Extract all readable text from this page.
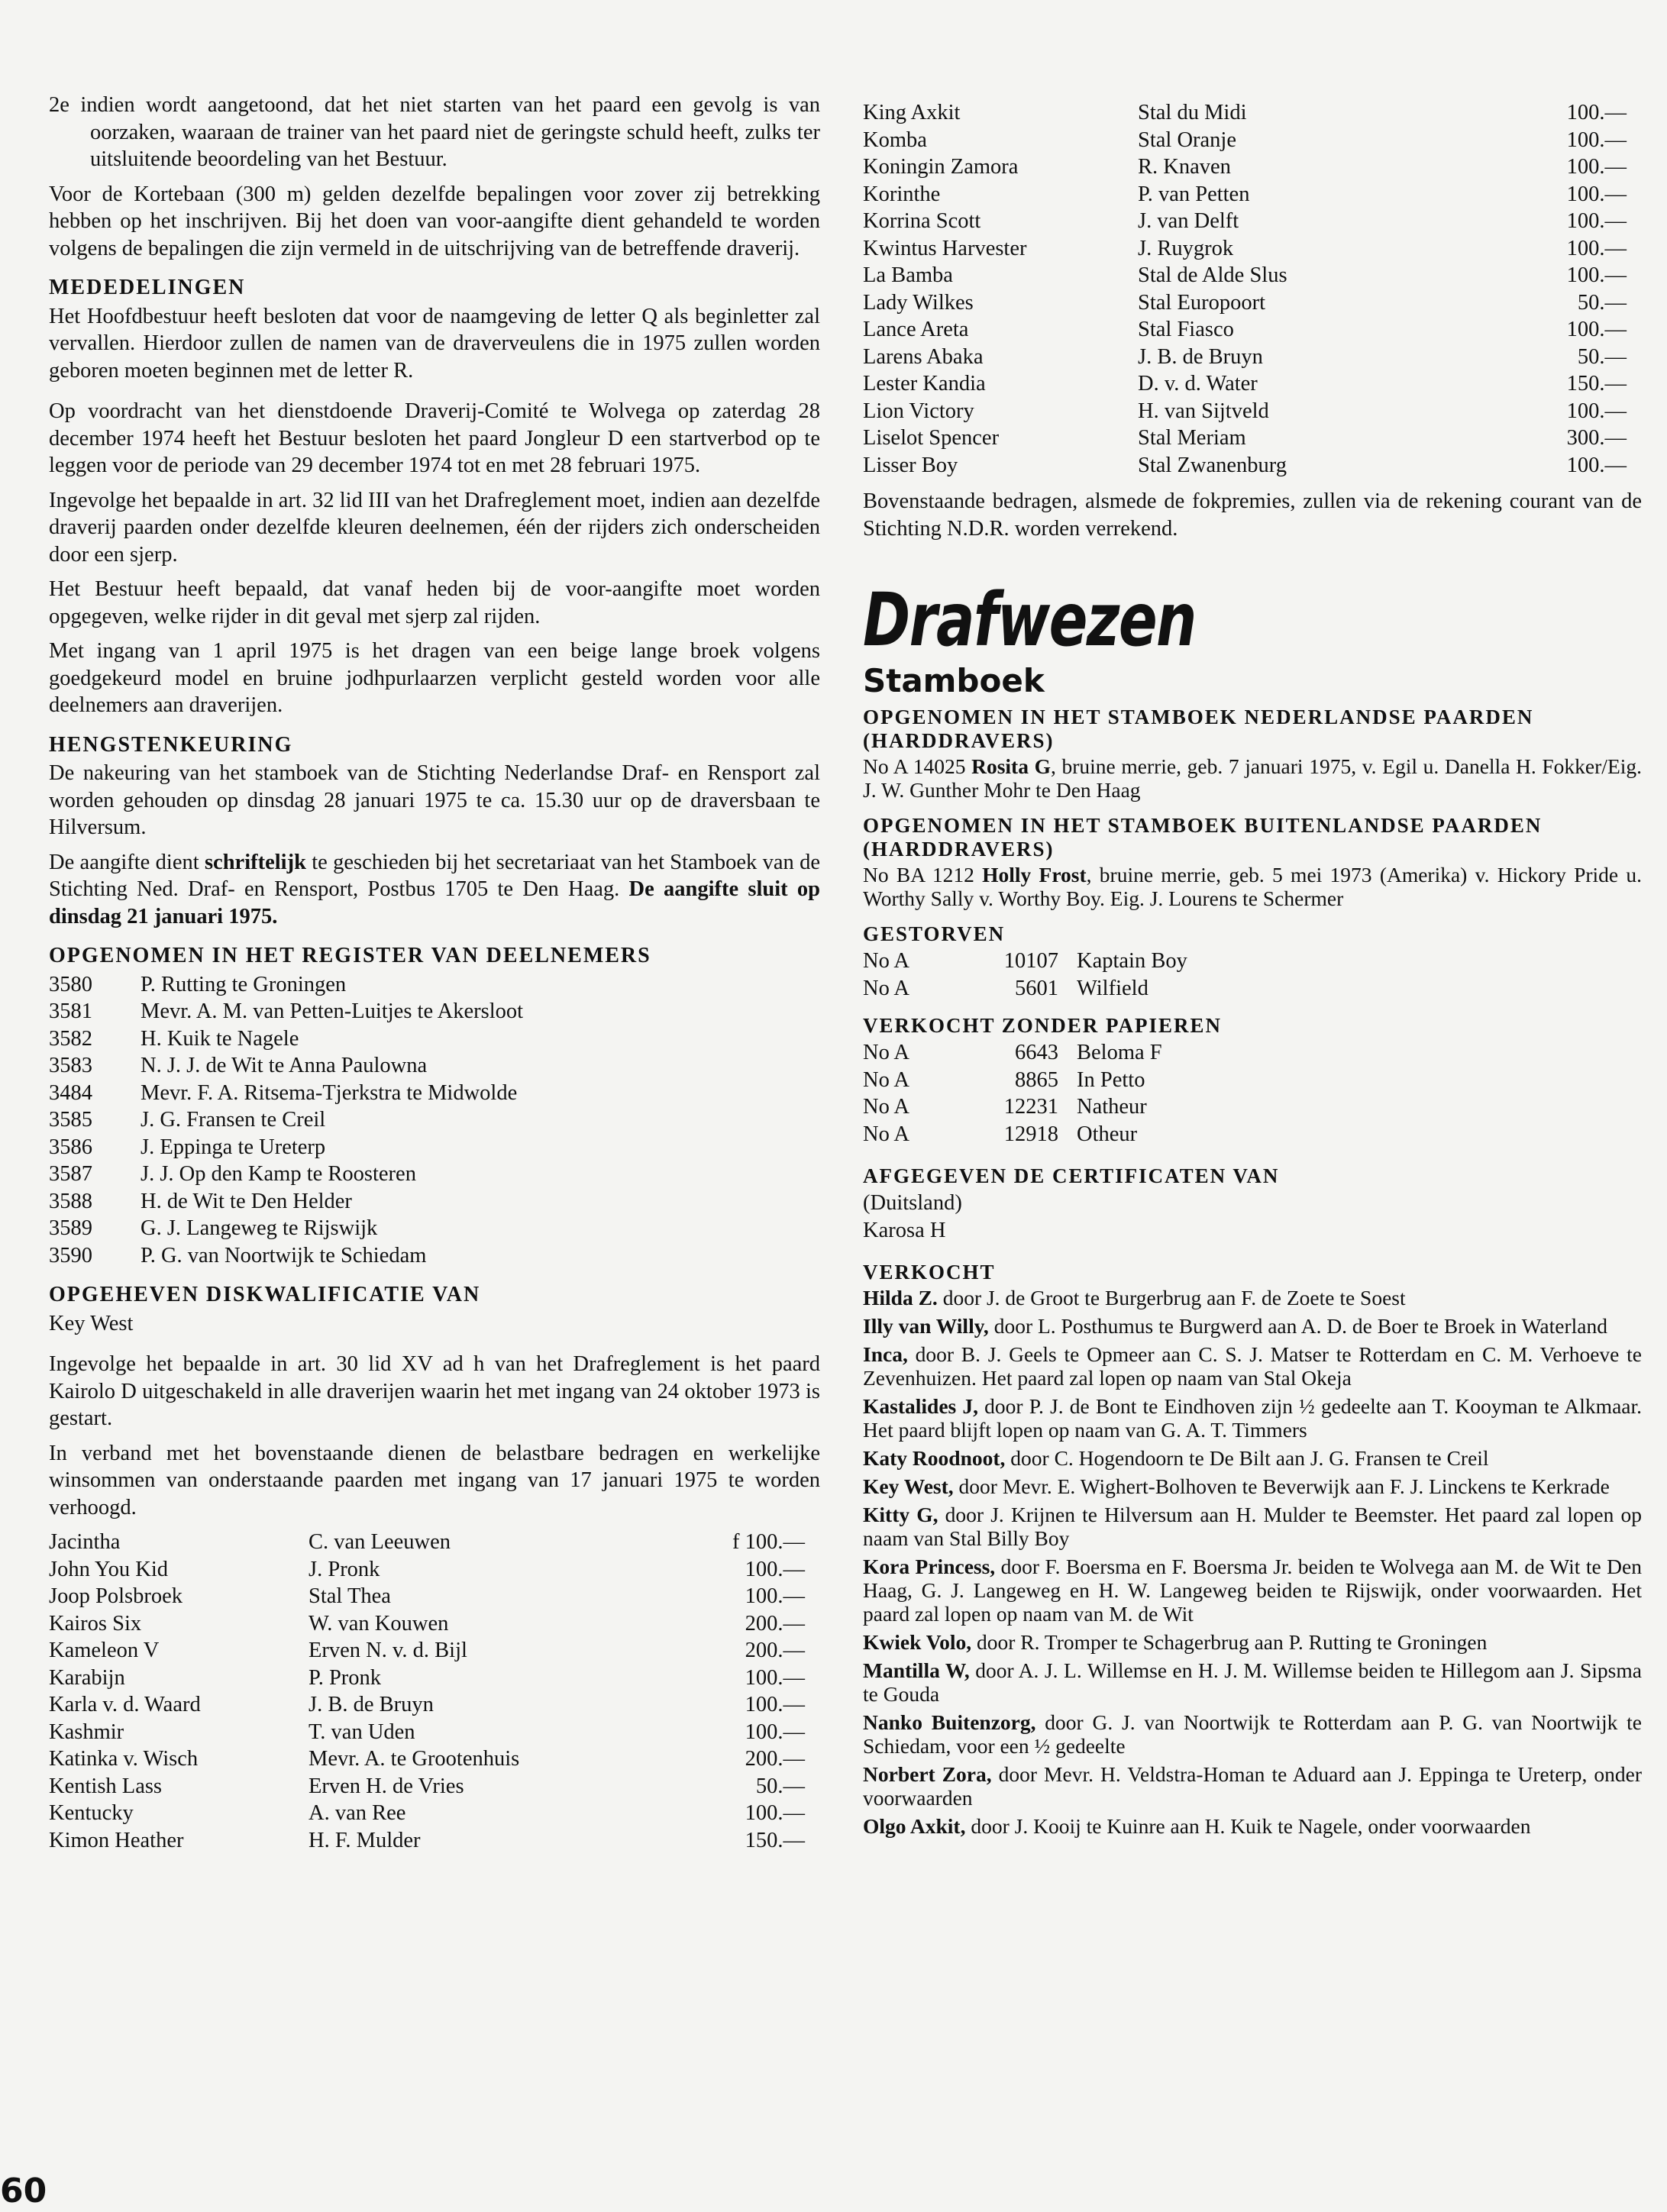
2e indien wordt aangetoond, dat het niet starten van het paard een gevolg is van oorzaken, waaraan de trainer van het paard niet de geringste schuld heeft, zulks ter uitsluitende beoordeling van het Bestuur.

Voor de Kortebaan (300 m) gelden dezelfde bepalingen voor zover zij betrekking hebben op het inschrijven. Bij het doen van voor-aangifte dient gehandeld te worden volgens de bepalingen die zijn vermeld in de uitschrijving van de betreffende draverij.

MEDEDELINGEN

Het Hoofdbestuur heeft besloten dat voor de naamgeving de letter Q als beginletter zal vervallen. Hierdoor zullen de namen van de draverveulens die in 1975 zullen worden geboren moeten beginnen met de letter R.

Op voordracht van het dienstdoende Draverij-Comité te Wolvega op zaterdag 28 december 1974 heeft het Bestuur besloten het paard Jongleur D een startverbod op te leggen voor de periode van 29 december 1974 tot en met 28 februari 1975.

Ingevolge het bepaalde in art. 32 lid III van het Drafreglement moet, indien aan dezelfde draverij paarden onder dezelfde kleuren deelnemen, één der rijders zich onderscheiden door een sjerp.

Het Bestuur heeft bepaald, dat vanaf heden bij de voor-aangifte moet worden opgegeven, welke rijder in dit geval met sjerp zal rijden.

Met ingang van 1 april 1975 is het dragen van een beige lange broek volgens goedgekeurd model en bruine jodhpurlaarzen verplicht gesteld worden voor alle deelnemers aan draverijen.

HENGSTENKEURING

De nakeuring van het stamboek van de Stichting Nederlandse Draf- en Rensport zal worden gehouden op dinsdag 28 januari 1975 te ca. 15.30 uur op de draversbaan te Hilversum.

De aangifte dient schriftelijk te geschieden bij het secretariaat van het Stamboek van de Stichting Ned. Draf- en Rensport, Postbus 1705 te Den Haag. De aangifte sluit op dinsdag 21 januari 1975.

OPGENOMEN IN HET REGISTER VAN DEELNEMERS
3580	P. Rutting te Groningen
3581	Mevr. A. M. van Petten-Luitjes te Akersloot
3582	H. Kuik te Nagele
3583	N. J. J. de Wit te Anna Paulowna
3484	Mevr. F. A. Ritsema-Tjerkstra te Midwolde
3585	J. G. Fransen te Creil
3586	J. Eppinga te Ureterp
3587	J. J. Op den Kamp te Roosteren
3588	H. de Wit te Den Helder
3589	G. J. Langeweg te Rijswijk
3590	P. G. van Noortwijk te Schiedam
OPGEHEVEN DISKWALIFICATIE VAN

Key West

Ingevolge het bepaalde in art. 30 lid XV ad h van het Drafreglement is het paard Kairolo D uitgeschakeld in alle draverijen waarin het met ingang van 24 oktober 1973 is gestart.

In verband met het bovenstaande dienen de belastbare bedragen en werkelijke winsommen van onderstaande paarden met ingang van 17 januari 1975 te worden verhoogd.

Jacintha	C. van Leeuwen	f 100.—
John You Kid	J. Pronk	100.—
Joop Polsbroek	Stal Thea	100.—
Kairos Six	W. van Kouwen	200.—
Kameleon V	Erven N. v. d. Bijl	200.—
Karabijn	P. Pronk	100.—
Karla v. d. Waard	J. B. de Bruyn	100.—
Kashmir	T. van Uden	100.—
Katinka v. Wisch	Mevr. A. te Grootenhuis	200.—
Kentish Lass	Erven H. de Vries	50.—
Kentucky	A. van Ree	100.—
Kimon Heather	H. F. Mulder	150.—
King Axkit	Stal du Midi	100.—
Komba	Stal Oranje	100.—
Koningin Zamora	R. Knaven	100.—
Korinthe	P. van Petten	100.—
Korrina Scott	J. van Delft	100.—
Kwintus Harvester	J. Ruygrok	100.—
La Bamba	Stal de Alde Slus	100.—
Lady Wilkes	Stal Europoort	50.—
Lance Areta	Stal Fiasco	100.—
Larens Abaka	J. B. de Bruyn	50.—
Lester Kandia	D. v. d. Water	150.—
Lion Victory	H. van Sijtveld	100.—
Liselot Spencer	Stal Meriam	300.—
Lisser Boy	Stal Zwanenburg	100.—

Bovenstaande bedragen, alsmede de fokpremies, zullen via de rekening courant van de Stichting N.D.R. worden verrekend.

Drafwezen
Stamboek
OPGENOMEN IN HET STAMBOEK NEDERLANDSE PAARDEN (HARDDRAVERS)

No A 14025 Rosita G, bruine merrie, geb. 7 januari 1975, v. Egil u. Danella H. Fokker/Eig. J. W. Gunther Mohr te Den Haag

OPGENOMEN IN HET STAMBOEK BUITENLANDSE PAARDEN (HARDDRAVERS)

No BA 1212 Holly Frost, bruine merrie, geb. 5 mei 1973 (Amerika) v. Hickory Pride u. Worthy Sally v. Worthy Boy. Eig. J. Lourens te Schermer

GESTORVEN
No A	10107 Kaptain Boy
No A	5601 Wilfield
VERKOCHT ZONDER PAPIEREN
No A	6643 Beloma F
No A	8865 In Petto
No A	12231 Natheur
No A	12918 Otheur
AFGEGEVEN DE CERTIFICATEN VAN
(Duitsland)
Karosa H
VERKOCHT

Hilda Z. door J. de Groot te Burgerbrug aan F. de Zoete te Soest

Illy van Willy, door L. Posthumus te Burgwerd aan A. D. de Boer te Broek in Waterland

Inca, door B. J. Geels te Opmeer aan C. S. J. Matser te Rotterdam en C. M. Verhoeve te Zevenhuizen. Het paard zal lopen op naam van Stal Okeja

Kastalides J, door P. J. de Bont te Eindhoven zijn ½ gedeelte aan T. Kooyman te Alkmaar. Het paard blijft lopen op naam van G. A. T. Timmers

Katy Roodnoot, door C. Hogendoorn te De Bilt aan J. G. Fransen te Creil

Key West, door Mevr. E. Wighert-Bolhoven te Beverwijk aan F. J. Linckens te Kerkrade

Kitty G, door J. Krijnen te Hilversum aan H. Mulder te Beemster. Het paard zal lopen op naam van Stal Billy Boy

Kora Princess, door F. Boersma en F. Boersma Jr. beiden te Wolvega aan M. de Wit te Den Haag, G. J. Langeweg en H. W. Langeweg beiden te Rijswijk, onder voorwaarden. Het paard zal lopen op naam van M. de Wit

Kwiek Volo, door R. Tromper te Schagerbrug aan P. Rutting te Groningen

Mantilla W, door A. J. L. Willemse en H. J. M. Willemse beiden te Hillegom aan J. Sipsma te Gouda

Nanko Buitenzorg, door G. J. van Noortwijk te Rotterdam aan P. G. van Noortwijk te Schiedam, voor een ½ gedeelte

Norbert Zora, door Mevr. H. Veldstra-Homan te Aduard aan J. Eppinga te Ureterp, onder voorwaarden

Olgo Axkit, door J. Kooij te Kuinre aan H. Kuik te Nagele, onder voorwaarden

60
